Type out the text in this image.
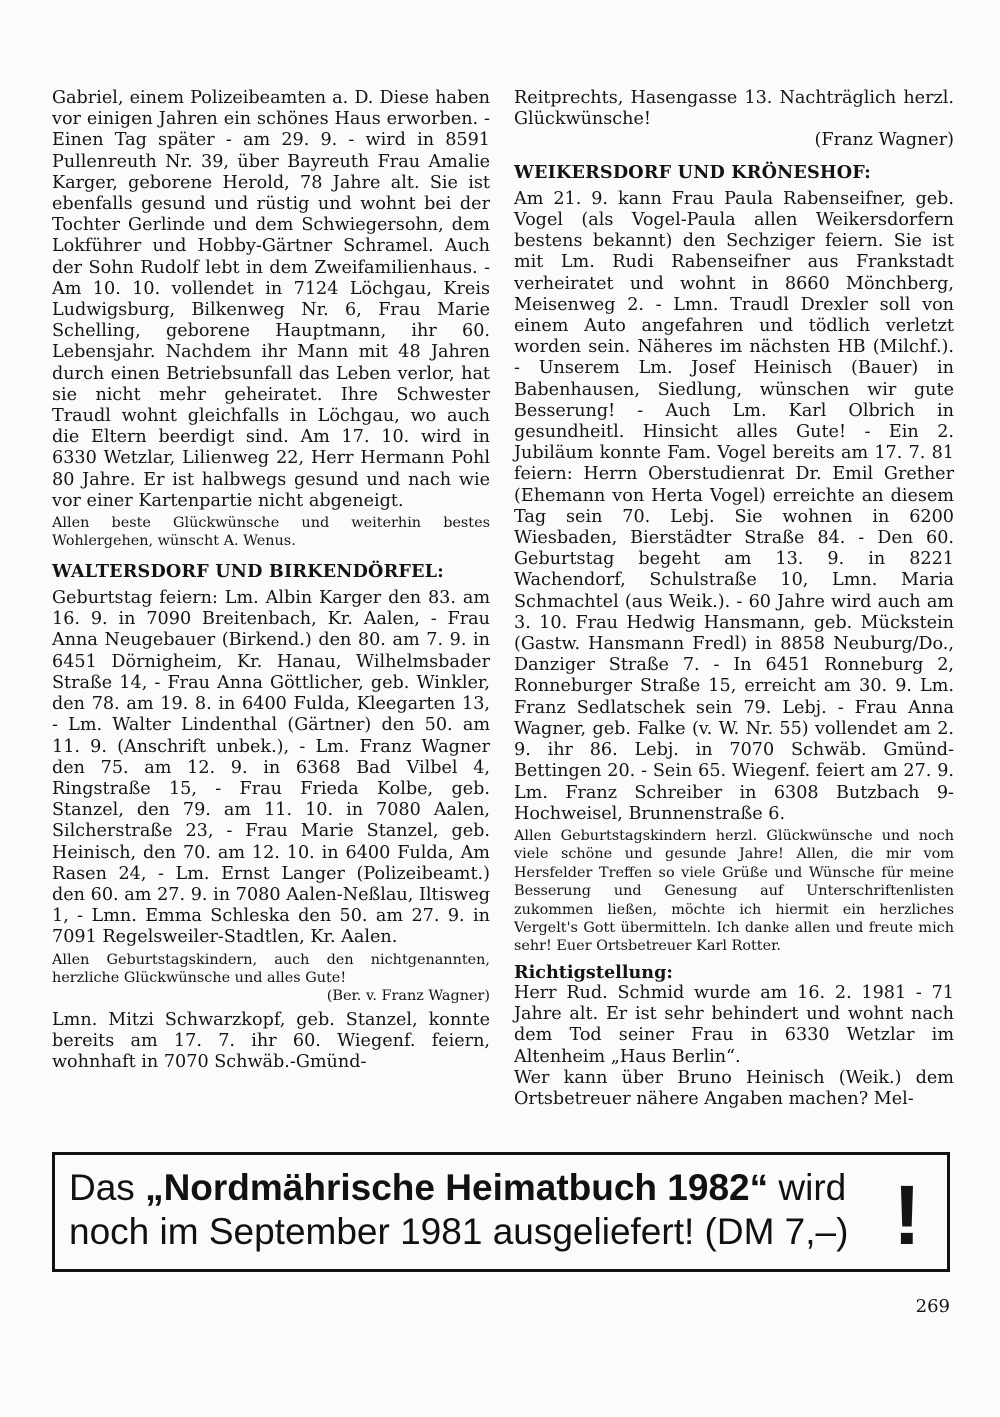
Gabriel, einem Polizeibeamten a. D. Diese haben vor einigen Jahren ein schönes Haus erworben. - Einen Tag später - am 29. 9. - wird in 8591 Pullenreuth Nr. 39, über Bayreuth Frau Amalie Karger, geborene Herold, 78 Jahre alt. Sie ist ebenfalls gesund und rüstig und wohnt bei der Tochter Gerlinde und dem Schwiegersohn, dem Lokführer und Hobby-Gärtner Schramel. Auch der Sohn Rudolf lebt in dem Zweifamilienhaus. - Am 10. 10. vollendet in 7124 Löchgau, Kreis Ludwigsburg, Bilkenweg Nr. 6, Frau Marie Schelling, geborene Hauptmann, ihr 60. Lebensjahr. Nachdem ihr Mann mit 48 Jahren durch einen Betriebsunfall das Leben verlor, hat sie nicht mehr geheiratet. Ihre Schwester Traudl wohnt gleichfalls in Löchgau, wo auch die Eltern beerdigt sind. Am 17. 10. wird in 6330 Wetzlar, Lilienweg 22, Herr Hermann Pohl 80 Jahre. Er ist halbwegs gesund und nach wie vor einer Kartenpartie nicht abgeneigt.

Allen beste Glückwünsche und weiterhin bestes Wohlergehen, wünscht A. Wenus.

WALTERSDORF UND BIRKENDÖRFEL:

Geburtstag feiern: Lm. Albin Karger den 83. am 16. 9. in 7090 Breitenbach, Kr. Aalen, - Frau Anna Neugebauer (Birkend.) den 80. am 7. 9. in 6451 Dörnigheim, Kr. Hanau, Wilhelmsbader Straße 14, - Frau Anna Göttlicher, geb. Winkler, den 78. am 19. 8. in 6400 Fulda, Kleegarten 13, - Lm. Walter Lindenthal (Gärtner) den 50. am 11. 9. (Anschrift unbek.), - Lm. Franz Wagner den 75. am 12. 9. in 6368 Bad Vilbel 4, Ringstraße 15, - Frau Frieda Kolbe, geb. Stanzel, den 79. am 11. 10. in 7080 Aalen, Silcherstraße 23, - Frau Marie Stanzel, geb. Heinisch, den 70. am 12. 10. in 6400 Fulda, Am Rasen 24, - Lm. Ernst Langer (Polizeibeamt.) den 60. am 27. 9. in 7080 Aalen-Neßlau, Iltisweg 1, - Lmn. Emma Schleska den 50. am 27. 9. in 7091 Regelsweiler-Stadtlen, Kr. Aalen.

Allen Geburtstagskindern, auch den nichtgenannten, herzliche Glückwünsche und alles Gute!

(Ber. v. Franz Wagner)

Lmn. Mitzi Schwarzkopf, geb. Stanzel, konnte bereits am 17. 7. ihr 60. Wiegenf. feiern, wohnhaft in 7070 Schwäb.-Gmünd-

Reitprechts, Hasengasse 13. Nachträglich herzl. Glückwünsche!

(Franz Wagner)

WEIKERSDORF UND KRÖNESHOF:

Am 21. 9. kann Frau Paula Rabenseifner, geb. Vogel (als Vogel-Paula allen Weikersdorfern bestens bekannt) den Sechziger feiern. Sie ist mit Lm. Rudi Rabenseifner aus Frankstadt verheiratet und wohnt in 8660 Mönchberg, Meisenweg 2. - Lmn. Traudl Drexler soll von einem Auto angefahren und tödlich verletzt worden sein. Näheres im nächsten HB (Milchf.). - Unserem Lm. Josef Heinisch (Bauer) in Babenhausen, Siedlung, wünschen wir gute Besserung! - Auch Lm. Karl Olbrich in gesundheitl. Hinsicht alles Gute! - Ein 2. Jubiläum konnte Fam. Vogel bereits am 17. 7. 81 feiern: Herrn Oberstudienrat Dr. Emil Grether (Ehemann von Herta Vogel) erreichte an diesem Tag sein 70. Lebj. Sie wohnen in 6200 Wiesbaden, Bierstädter Straße 84. - Den 60. Geburtstag begeht am 13. 9. in 8221 Wachendorf, Schulstraße 10, Lmn. Maria Schmachtel (aus Weik.). - 60 Jahre wird auch am 3. 10. Frau Hedwig Hansmann, geb. Mückstein (Gastw. Hansmann Fredl) in 8858 Neuburg/Do., Danziger Straße 7. - In 6451 Ronneburg 2, Ronneburger Straße 15, erreicht am 30. 9. Lm. Franz Sedlatschek sein 79. Lebj. - Frau Anna Wagner, geb. Falke (v. W. Nr. 55) vollendet am 2. 9. ihr 86. Lebj. in 7070 Schwäb. Gmünd-Bettingen 20. - Sein 65. Wiegenf. feiert am 27. 9. Lm. Franz Schreiber in 6308 Butzbach 9-Hochweisel, Brunnenstraße 6.

Allen Geburtstagskindern herzl. Glückwünsche und noch viele schöne und gesunde Jahre! Allen, die mir vom Hersfelder Treffen so viele Grüße und Wünsche für meine Besserung und Genesung auf Unterschriftenlisten zukommen ließen, möchte ich hiermit ein herzliches Vergelt's Gott übermitteln. Ich danke allen und freute mich sehr! Euer Ortsbetreuer Karl Rotter.

Richtigstellung:

Herr Rud. Schmid wurde am 16. 2. 1981 - 71 Jahre alt. Er ist sehr behindert und wohnt nach dem Tod seiner Frau in 6330 Wetzlar im Altenheim „Haus Berlin“.

Wer kann über Bruno Heinisch (Weik.) dem Ortsbetreuer nähere Angaben machen? Mel-

Das „Nordmährische Heimatbuch 1982“ wird
noch im September 1981 ausgeliefert! (DM 7,–) !
269
